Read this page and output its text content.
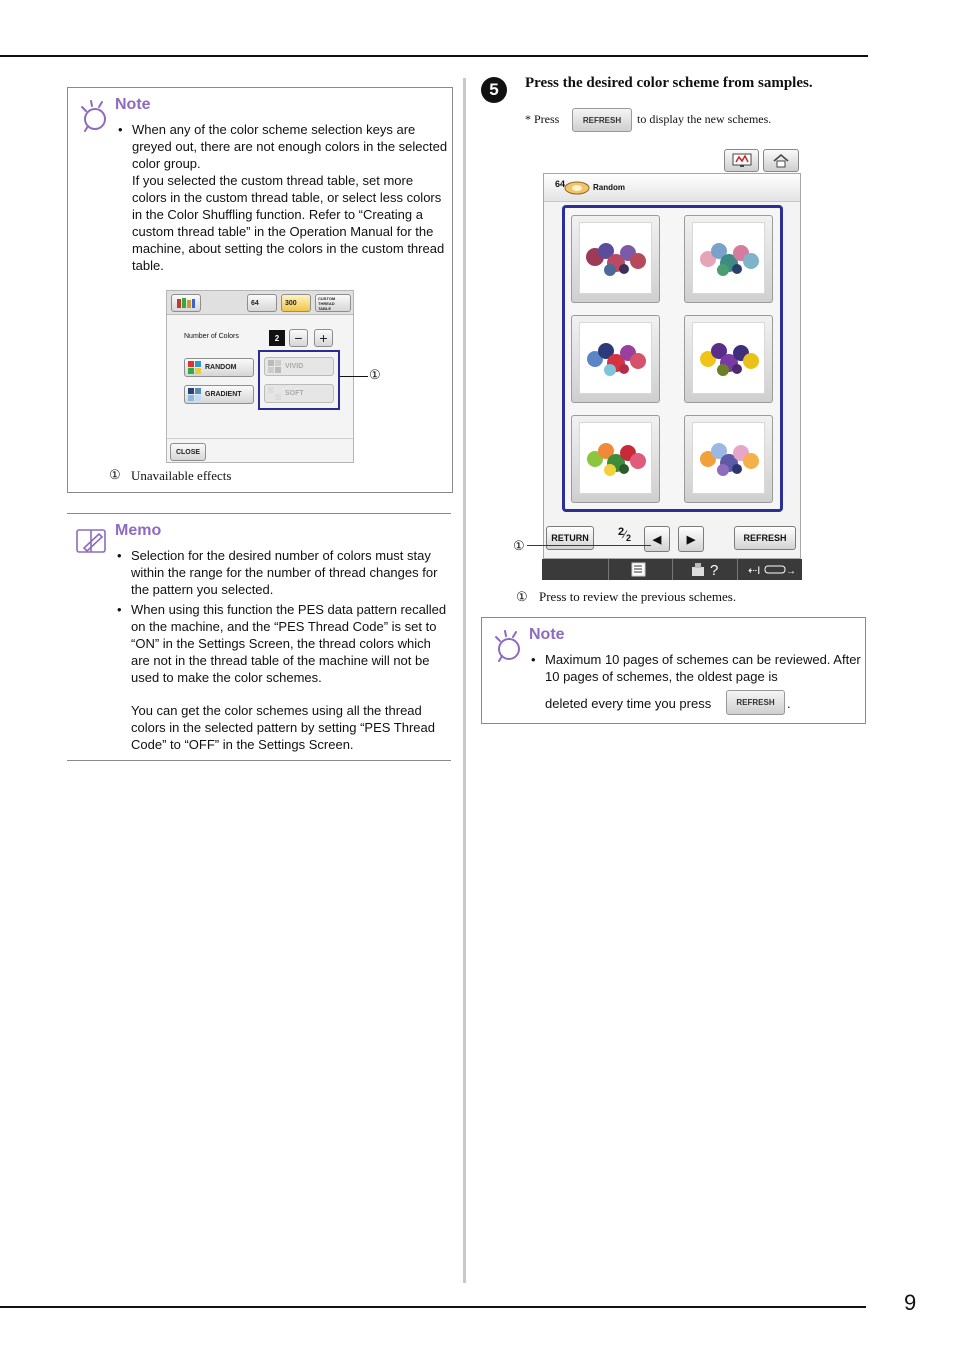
9
Note
• When any of the color scheme selection keys are greyed out, there are not enough colors in the selected color group.
If you selected the custom thread table, set more colors in the custom thread table, or select less colors in the Color Shuffling function. Refer to “Creating a custom thread table” in the Operation Manual for the machine, about setting the colors in the custom thread table.
64	300
CUSTOM THREAD TABLE
Number of Colors	2 − +
RANDOM
GRADIENT
VIVID
SOFT
CLOSE
①
① Unavailable effects
Memo
• Selection for the desired number of colors must stay within the range for the number of thread changes for the pattern you selected.
• When using this function the PES data pattern recalled on the machine, and the “PES Thread Code” is set to “ON” in the Settings Screen, the thread colors which are not in the thread table of the machine will not be used to make the color schemes.
You can get the color schemes using all the thread colors in the selected pattern by setting “PES Thread Code” to “OFF” in the Settings Screen.
5 Press the desired color scheme from samples.
* Press	REFRESH to display the new schemes.
64	Random
RETURN	$2⁄_2$ ◀ ▶	REFRESH
?	⇠I	→
①
① Press to review the previous schemes.
Note
• Maximum 10 pages of schemes can be reviewed. After 10 pages of schemes, the oldest page is
deleted every time you press	REFRESH .
